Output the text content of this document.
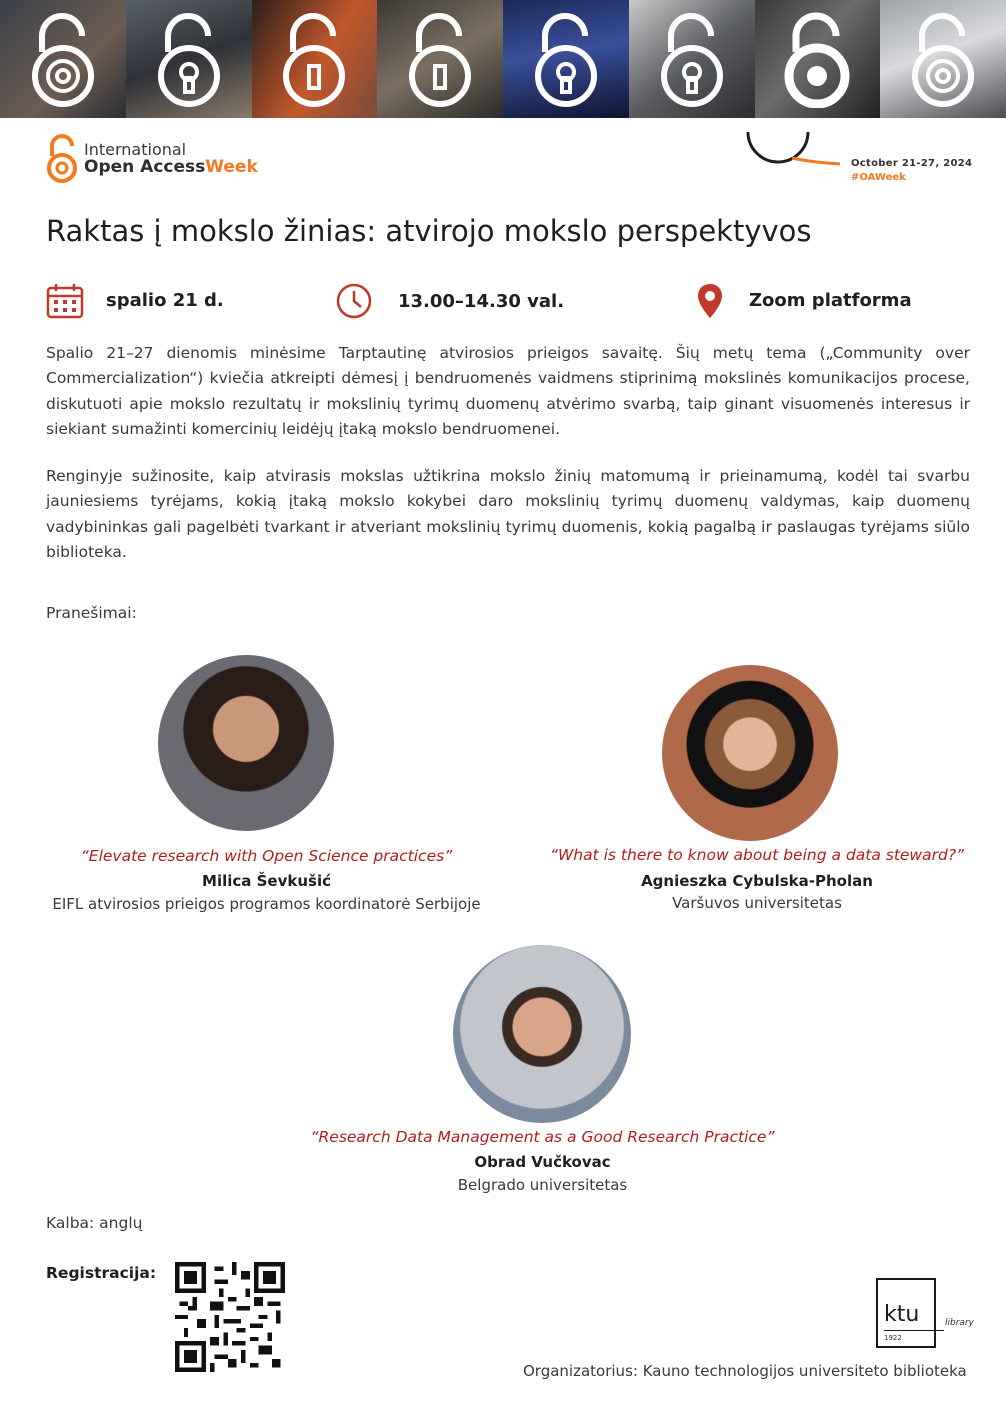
International
Open AccessWeek	October 21-27, 2024
#OAWeek
Raktas į mokslo žinias: atvirojo mokslo perspektyvos
spalio 21 d.	13.00–14.30 val.	Zoom platforma
Spalio 21–27 dienomis minėsime Tarptautinę atvirosios prieigos savaitę. Šių metų tema („Community over Commercialization“) kviečia atkreipti dėmesį į bendruomenės vaidmens stiprinimą mokslinės komunikacijos procese, diskutuoti apie mokslo rezultatų ir mokslinių tyrimų duomenų atvėrimo svarbą, taip ginant visuomenės interesus ir siekiant sumažinti komercinių leidėjų įtaką mokslo bendruomenei.
Renginyje sužinosite, kaip atvirasis mokslas užtikrina mokslo žinių matomumą ir prieinamumą, kodėl tai svarbu jauniesiems tyrėjams, kokią įtaką mokslo kokybei daro mokslinių tyrimų duomenų valdymas, kaip duomenų vadybininkas gali pagelbėti tvarkant ir atveriant mokslinių tyrimų duomenis, kokią pagalbą ir paslaugas tyrėjams siūlo biblioteka.
Pranešimai:
“Elevate research with Open Science practices”
Milica Ševkušić
EIFL atvirosios prieigos programos koordinatorė Serbijoje
“What is there to know about being a data steward?”
Agnieszka Cybulska-Pholan
Varšuvos universitetas
“Research Data Management as a Good Research Practice”
Obrad Vučkovac
Belgrado universitetas
Kalba: anglų
Registracija:
ktu	library
1922
Organizatorius: Kauno technologijos universiteto biblioteka
